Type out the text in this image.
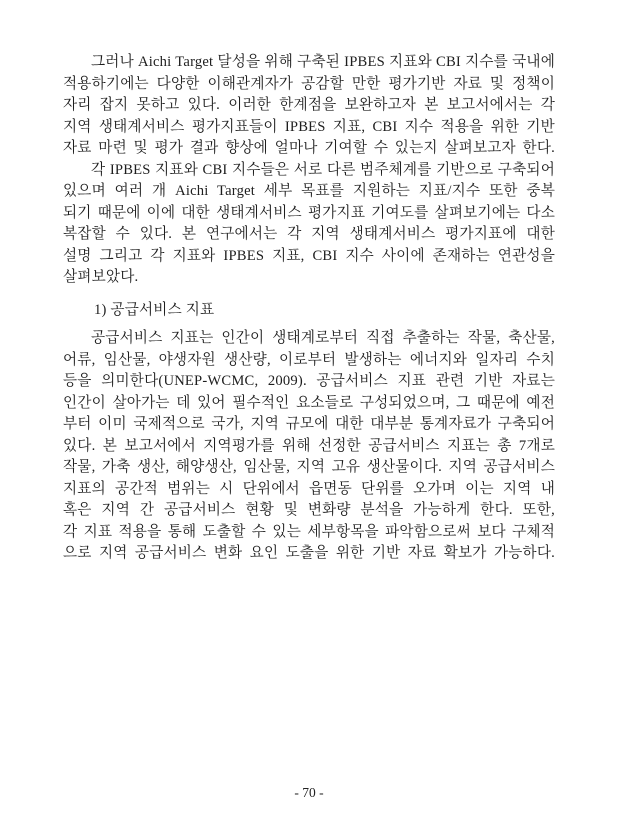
그러나 Aichi Target 달성을 위해 구축된 IPBES 지표와 CBI 지수를 국내에
적용하기에는 다양한 이해관계자가 공감할 만한 평가기반 자료 및 정책이
자리 잡지 못하고 있다. 이러한 한계점을 보완하고자 본 보고서에서는 각
지역 생태계서비스 평가지표들이 IPBES 지표, CBI 지수 적용을 위한 기반
자료 마련 및 평가 결과 향상에 얼마나 기여할 수 있는지 살펴보고자 한다.
각 IPBES 지표와 CBI 지수들은 서로 다른 범주체계를 기반으로 구축되어
있으며 여러 개 Aichi Target 세부 목표를 지원하는 지표/지수 또한 중복
되기 때문에 이에 대한 생태계서비스 평가지표 기여도를 살펴보기에는 다소
복잡할 수 있다. 본 연구에서는 각 지역 생태계서비스 평가지표에 대한
설명 그리고 각 지표와 IPBES 지표, CBI 지수 사이에 존재하는 연관성을
살펴보았다.
1) 공급서비스 지표
공급서비스 지표는 인간이 생태계로부터 직접 추출하는 작물, 축산물,
어류, 임산물, 야생자원 생산량, 이로부터 발생하는 에너지와 일자리 수치
등을 의미한다(UNEP-WCMC, 2009). 공급서비스 지표 관련 기반 자료는
인간이 살아가는 데 있어 필수적인 요소들로 구성되었으며, 그 때문에 예전
부터 이미 국제적으로 국가, 지역 규모에 대한 대부분 통계자료가 구축되어
있다. 본 보고서에서 지역평가를 위해 선정한 공급서비스 지표는 총 7개로
작물, 가축 생산, 해양생산, 임산물, 지역 고유 생산물이다. 지역 공급서비스
지표의 공간적 범위는 시 단위에서 읍면동 단위를 오가며 이는 지역 내
혹은 지역 간 공급서비스 현황 및 변화량 분석을 가능하게 한다. 또한,
각 지표 적용을 통해 도출할 수 있는 세부항목을 파악함으로써 보다 구체적
으로 지역 공급서비스 변화 요인 도출을 위한 기반 자료 확보가 가능하다.
- 70 -
